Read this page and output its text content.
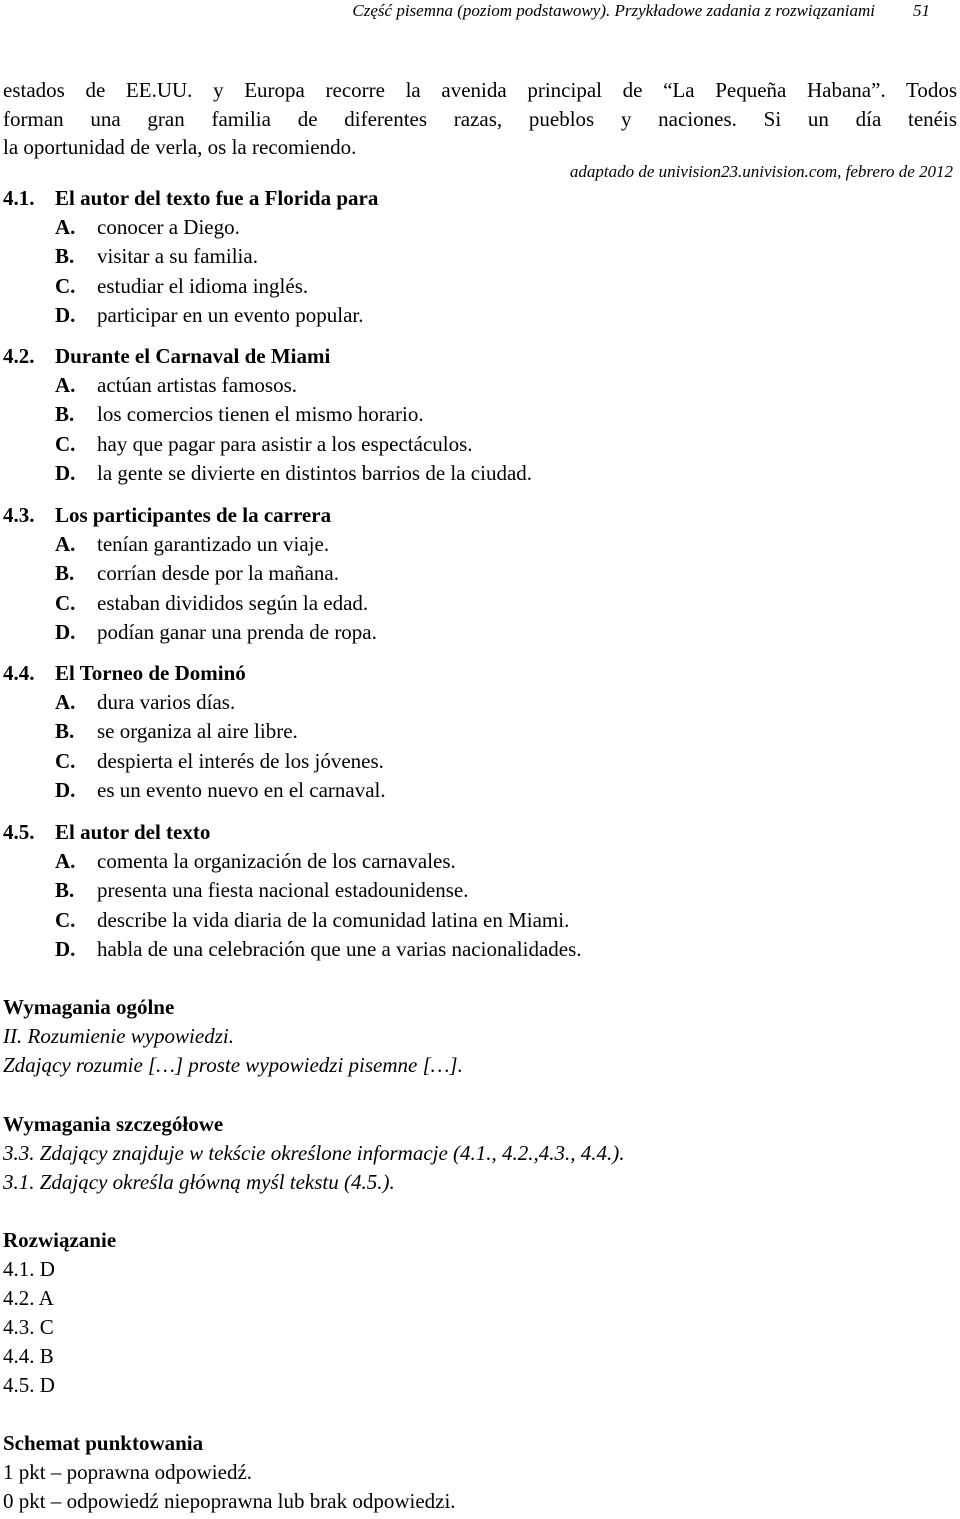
Część pisemna (poziom podstawowy). Przykładowe zadania z rozwiązaniami 51
estados de EE.UU. y Europa recorre la avenida principal de “La Pequeña Habana”. Todos
forman una gran familia de diferentes razas, pueblos y naciones. Si un día tenéis
la oportunidad de verla, os la recomiendo.
adaptado de univision23.univision.com, febrero de 2012
4.1. El autor del texto fue a Florida para
A.	conocer a Diego.
B.	visitar a su familia.
C.	estudiar el idioma inglés.
D.	participar en un evento popular.
4.2. Durante el Carnaval de Miami
A.	actúan artistas famosos.
B.	los comercios tienen el mismo horario.
C.	hay que pagar para asistir a los espectáculos.
D.	la gente se divierte en distintos barrios de la ciudad.
4.3. Los participantes de la carrera
A.	tenían garantizado un viaje.
B.	corrían desde por la mañana.
C.	estaban divididos según la edad.
D.	podían ganar una prenda de ropa.
4.4. El Torneo de Dominó
A.	dura varios días.
B.	se organiza al aire libre.
C.	despierta el interés de los jóvenes.
D.	es un evento nuevo en el carnaval.
4.5. El autor del texto
A.	comenta la organización de los carnavales.
B.	presenta una fiesta nacional estadounidense.
C.	describe la vida diaria de la comunidad latina en Miami.
D.	habla de una celebración que une a varias nacionalidades.
Wymagania ogólne
II. Rozumienie wypowiedzi.
Zdający rozumie […] proste wypowiedzi pisemne […].
Wymagania szczegółowe
3.3. Zdający znajduje w tekście określone informacje (4.1., 4.2.,4.3., 4.4.).
3.1. Zdający określa główną myśl tekstu (4.5.).
Rozwiązanie
4.1. D
4.2. A
4.3. C
4.4. B
4.5. D
Schemat punktowania
1 pkt – poprawna odpowiedź.
0 pkt – odpowiedź niepoprawna lub brak odpowiedzi.
